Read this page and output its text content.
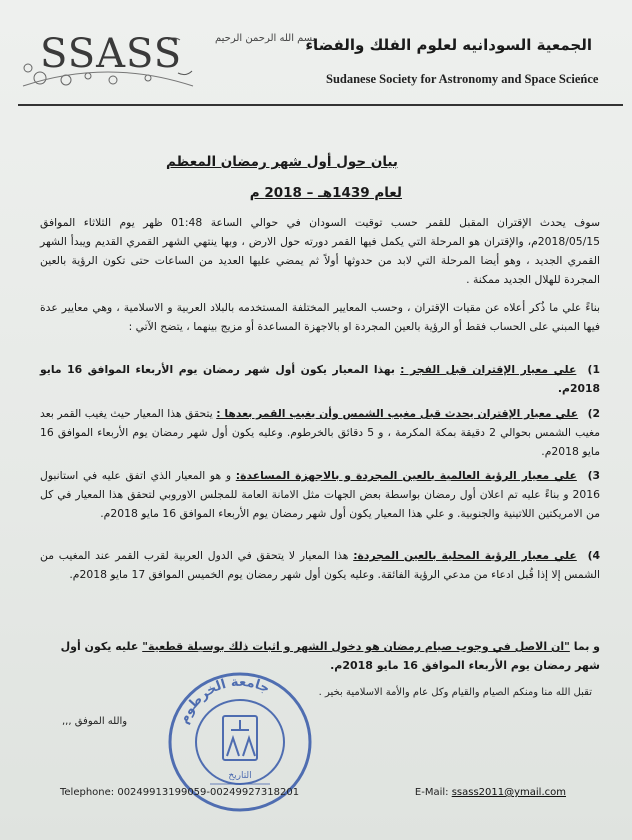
SSASS	بسم الله الرحمن الرحيم
الجمعية السودانيه لعلوم الفلك والفضاء
Sudanese Society for Astronomy and Space Scieńce
بيان حول أول شهر رمضان المعظم
لعام 1439هـ – 2018 م
سوف يحدث الإقتران المقبل للقمر حسب توقيت السودان في حوالي الساعة 01:48 ظهر يوم الثلاثاء الموافق 2018/05/15م، والإقتران هو المرحلة التي يكمل فيها القمر دورته حول الارض ، وبها ينتهي الشهر القمري القديم ويبدأ الشهر القمري الجديد ، وهو أيضا المرحلة التي لابد من حدوثها أولاً ثم يمضي عليها العديد من الساعات حتى تكون الرؤية بالعين المجردة للهلال الجديد ممكنة .
بناءً علي ما ذُكر أعلاه عن مقيات الإقتران ، وحسب المعايير المختلفة المستخدمه بالبلاد العربية و الاسلامية ، وهي معايير عدة فيها المبني على الحساب فقط أو الرؤية بالعين المجردة او بالاجهزة المساعدة أو مزيج بينهما ، يتضح الآتي :
1) علي معيار الإقتران قبل الفجر : بهذا المعيار يكون أول شهر رمضان يوم الأربعاء الموافق 16 مايو 2018م.
2) علي معيار الإقتران يحدث قبل مغيب الشمس وأن يغيب القمر بعدها : يتحقق هذا المعيار حيث يغيب القمر بعد مغيب الشمس بحوالي 2 دقيقة بمكة المكرمة ، و 5 دقائق بالخرطوم. وعليه يكون أول شهر رمضان يوم الأربعاء الموافق 16 مايو 2018م.
3) علي معيار الرؤية العالمية بالعين المجردة و بالاجهزة المساعدة: و هو المعيار الذي اتفق عليه في استانبول 2016 و بناءً عليه تم اعلان أول رمضان بواسطة بعض الجهات مثل الامانة العامة للمجلس الاوروبي لتحقق هذا المعيار في كل من الامريكتين اللاتينية والجنوبية. و علي هذا المعيار يكون أول شهر رمضان يوم الأربعاء الموافق 16 مايو 2018م.
4) علي معيار الرؤية المحلية بالعين المجردة: هذا المعيار لا يتحقق في الدول العربية لقرب القمر عند المغيب من الشمس إلا إذا قُبل ادعاء من مدعي الرؤية الفائقة. وعليه يكون أول شهر رمضان يوم الخميس الموافق 17 مايو 2018م.
و بما "ان الاصل في وجوب صيام رمضان هو دخول الشهر و اثبات ذلك بوسيلة قطعية" عليه يكون أول شهر رمضان يوم الأربعاء الموافق 16 مايو 2018م.
تقبل الله منا ومنكم الصيام والقيام وكل عام والأمة الاسلامية بخير .
والله الموفق ,,,	جامعة الخرطوم
التاريخ
Telephone: 00249913199059-00249927318201	E-Mail: ssass2011@ymail.com
